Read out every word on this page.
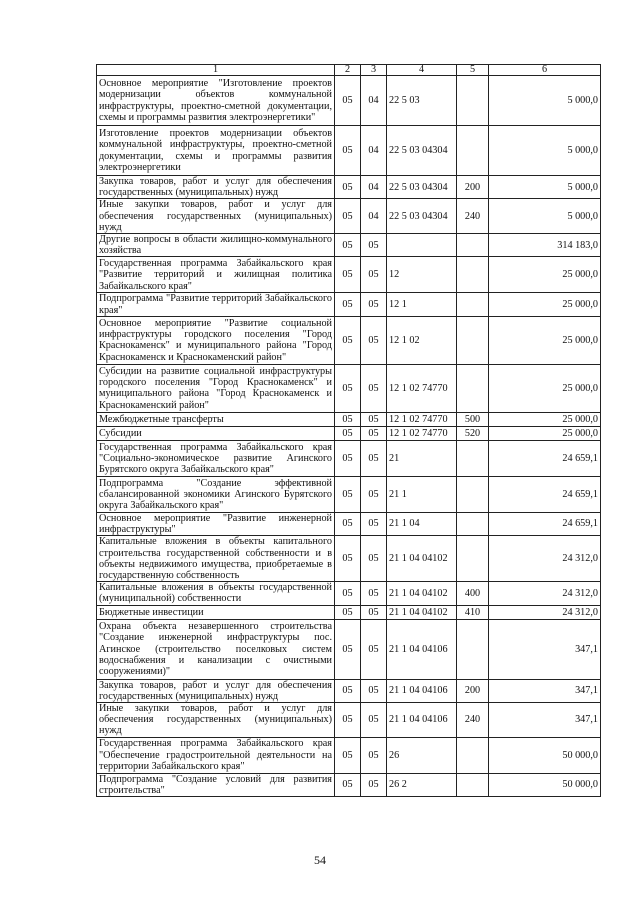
1	2	3	4	5	6
Основное мероприятие "Изготовление проектов модернизации объектов коммунальной инфраструктуры, проектно-сметной документации, схемы и программы развития электроэнергетики"	05	04	22 5 03		5 000,0
Изготовление проектов модернизации объектов коммунальной инфраструктуры, проектно-сметной документации, схемы и программы развития электроэнергетики	05	04	22 5 03 04304		5 000,0
Закупка товаров, работ и услуг для обеспечения государственных (муниципальных) нужд	05	04	22 5 03 04304	200	5 000,0
Иные закупки товаров, работ и услуг для обеспечения государственных (муниципальных) нужд	05	04	22 5 03 04304	240	5 000,0
Другие вопросы в области жилищно-коммунального хозяйства	05	05			314 183,0
Государственная программа Забайкальского края "Развитие территорий и жилищная политика Забайкальского края"	05	05	12		25 000,0
Подпрограмма "Развитие территорий Забайкальского края"	05	05	12 1		25 000,0
Основное мероприятие "Развитие социальной инфраструктуры городского поселения "Город Краснокаменск" и муниципального района "Город Краснокаменск и Краснокаменский район"	05	05	12 1 02		25 000,0
Субсидии на развитие социальной инфраструктуры городского поселения "Город Краснокаменск" и муниципального района "Город Краснокаменск и Краснокаменский район"	05	05	12 1 02 74770		25 000,0
Межбюджетные трансферты	05	05	12 1 02 74770	500	25 000,0
Субсидии	05	05	12 1 02 74770	520	25 000,0
Государственная программа Забайкальского края "Социально-экономическое развитие Агинского Бурятского округа Забайкальского края"	05	05	21		24 659,1
Подпрограмма "Создание эффективной сбалансированной экономики Агинского Бурятского округа Забайкальского края"	05	05	21 1		24 659,1
Основное мероприятие "Развитие инженерной инфраструктуры"	05	05	21 1 04		24 659,1
Капитальные вложения в объекты капитального строительства государственной собственности и в объекты недвижимого имущества, приобретаемые в государственную собственность	05	05	21 1 04 04102		24 312,0
Капитальные вложения в объекты государственной (муниципальной) собственности	05	05	21 1 04 04102	400	24 312,0
Бюджетные инвестиции	05	05	21 1 04 04102	410	24 312,0
Охрана объекта незавершенного строительства "Создание инженерной инфраструктуры пос. Агинское (строительство поселковых систем водоснабжения и канализации с очистными сооружениями)"	05	05	21 1 04 04106		347,1
Закупка товаров, работ и услуг для обеспечения государственных (муниципальных) нужд	05	05	21 1 04 04106	200	347,1
Иные закупки товаров, работ и услуг для обеспечения государственных (муниципальных) нужд	05	05	21 1 04 04106	240	347,1
Государственная программа Забайкальского края "Обеспечение градостроительной деятельности на территории Забайкальского края"	05	05	26		50 000,0
Подпрограмма "Создание условий для развития строительства"	05	05	26 2		50 000,0
54
